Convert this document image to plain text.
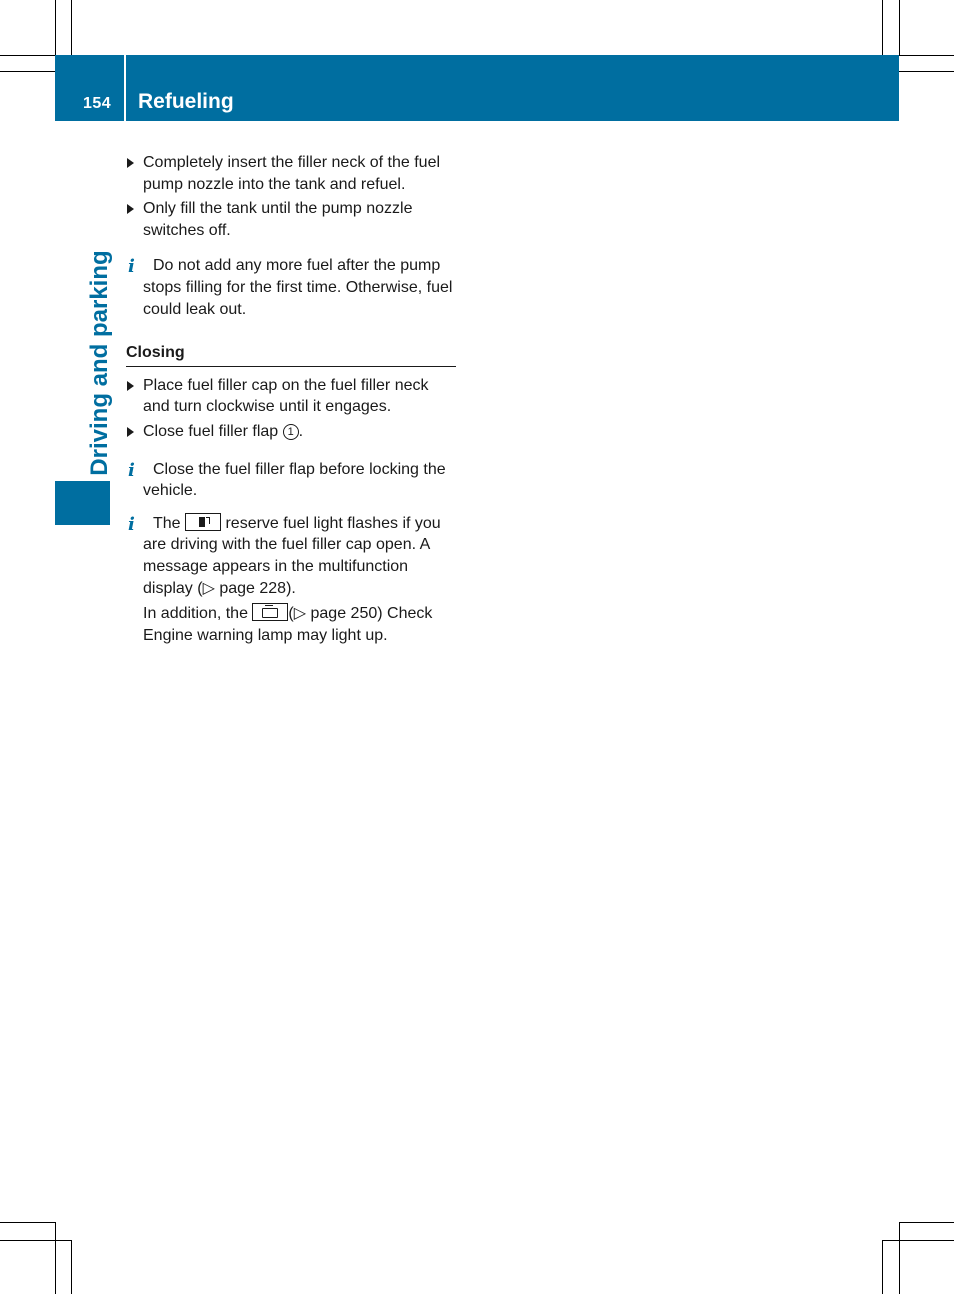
154 Refueling
Driving and parking
Completely insert the filler neck of the fuel pump nozzle into the tank and refuel.
Only fill the tank until the pump nozzle switches off.
i Do not add any more fuel after the pump stops filling for the first time. Otherwise, fuel could leak out.
Closing
Place fuel filler cap on the fuel filler neck and turn clockwise until it engages.
Close fuel filler flap 1 .
i Close the fuel filler flap before locking the vehicle.
i The  reserve fuel light flashes if you are driving with the fuel filler cap open. A message appears in the multifunction display (▷ page 228).
In addition, the (▷ page 250) Check Engine warning lamp may light up.
